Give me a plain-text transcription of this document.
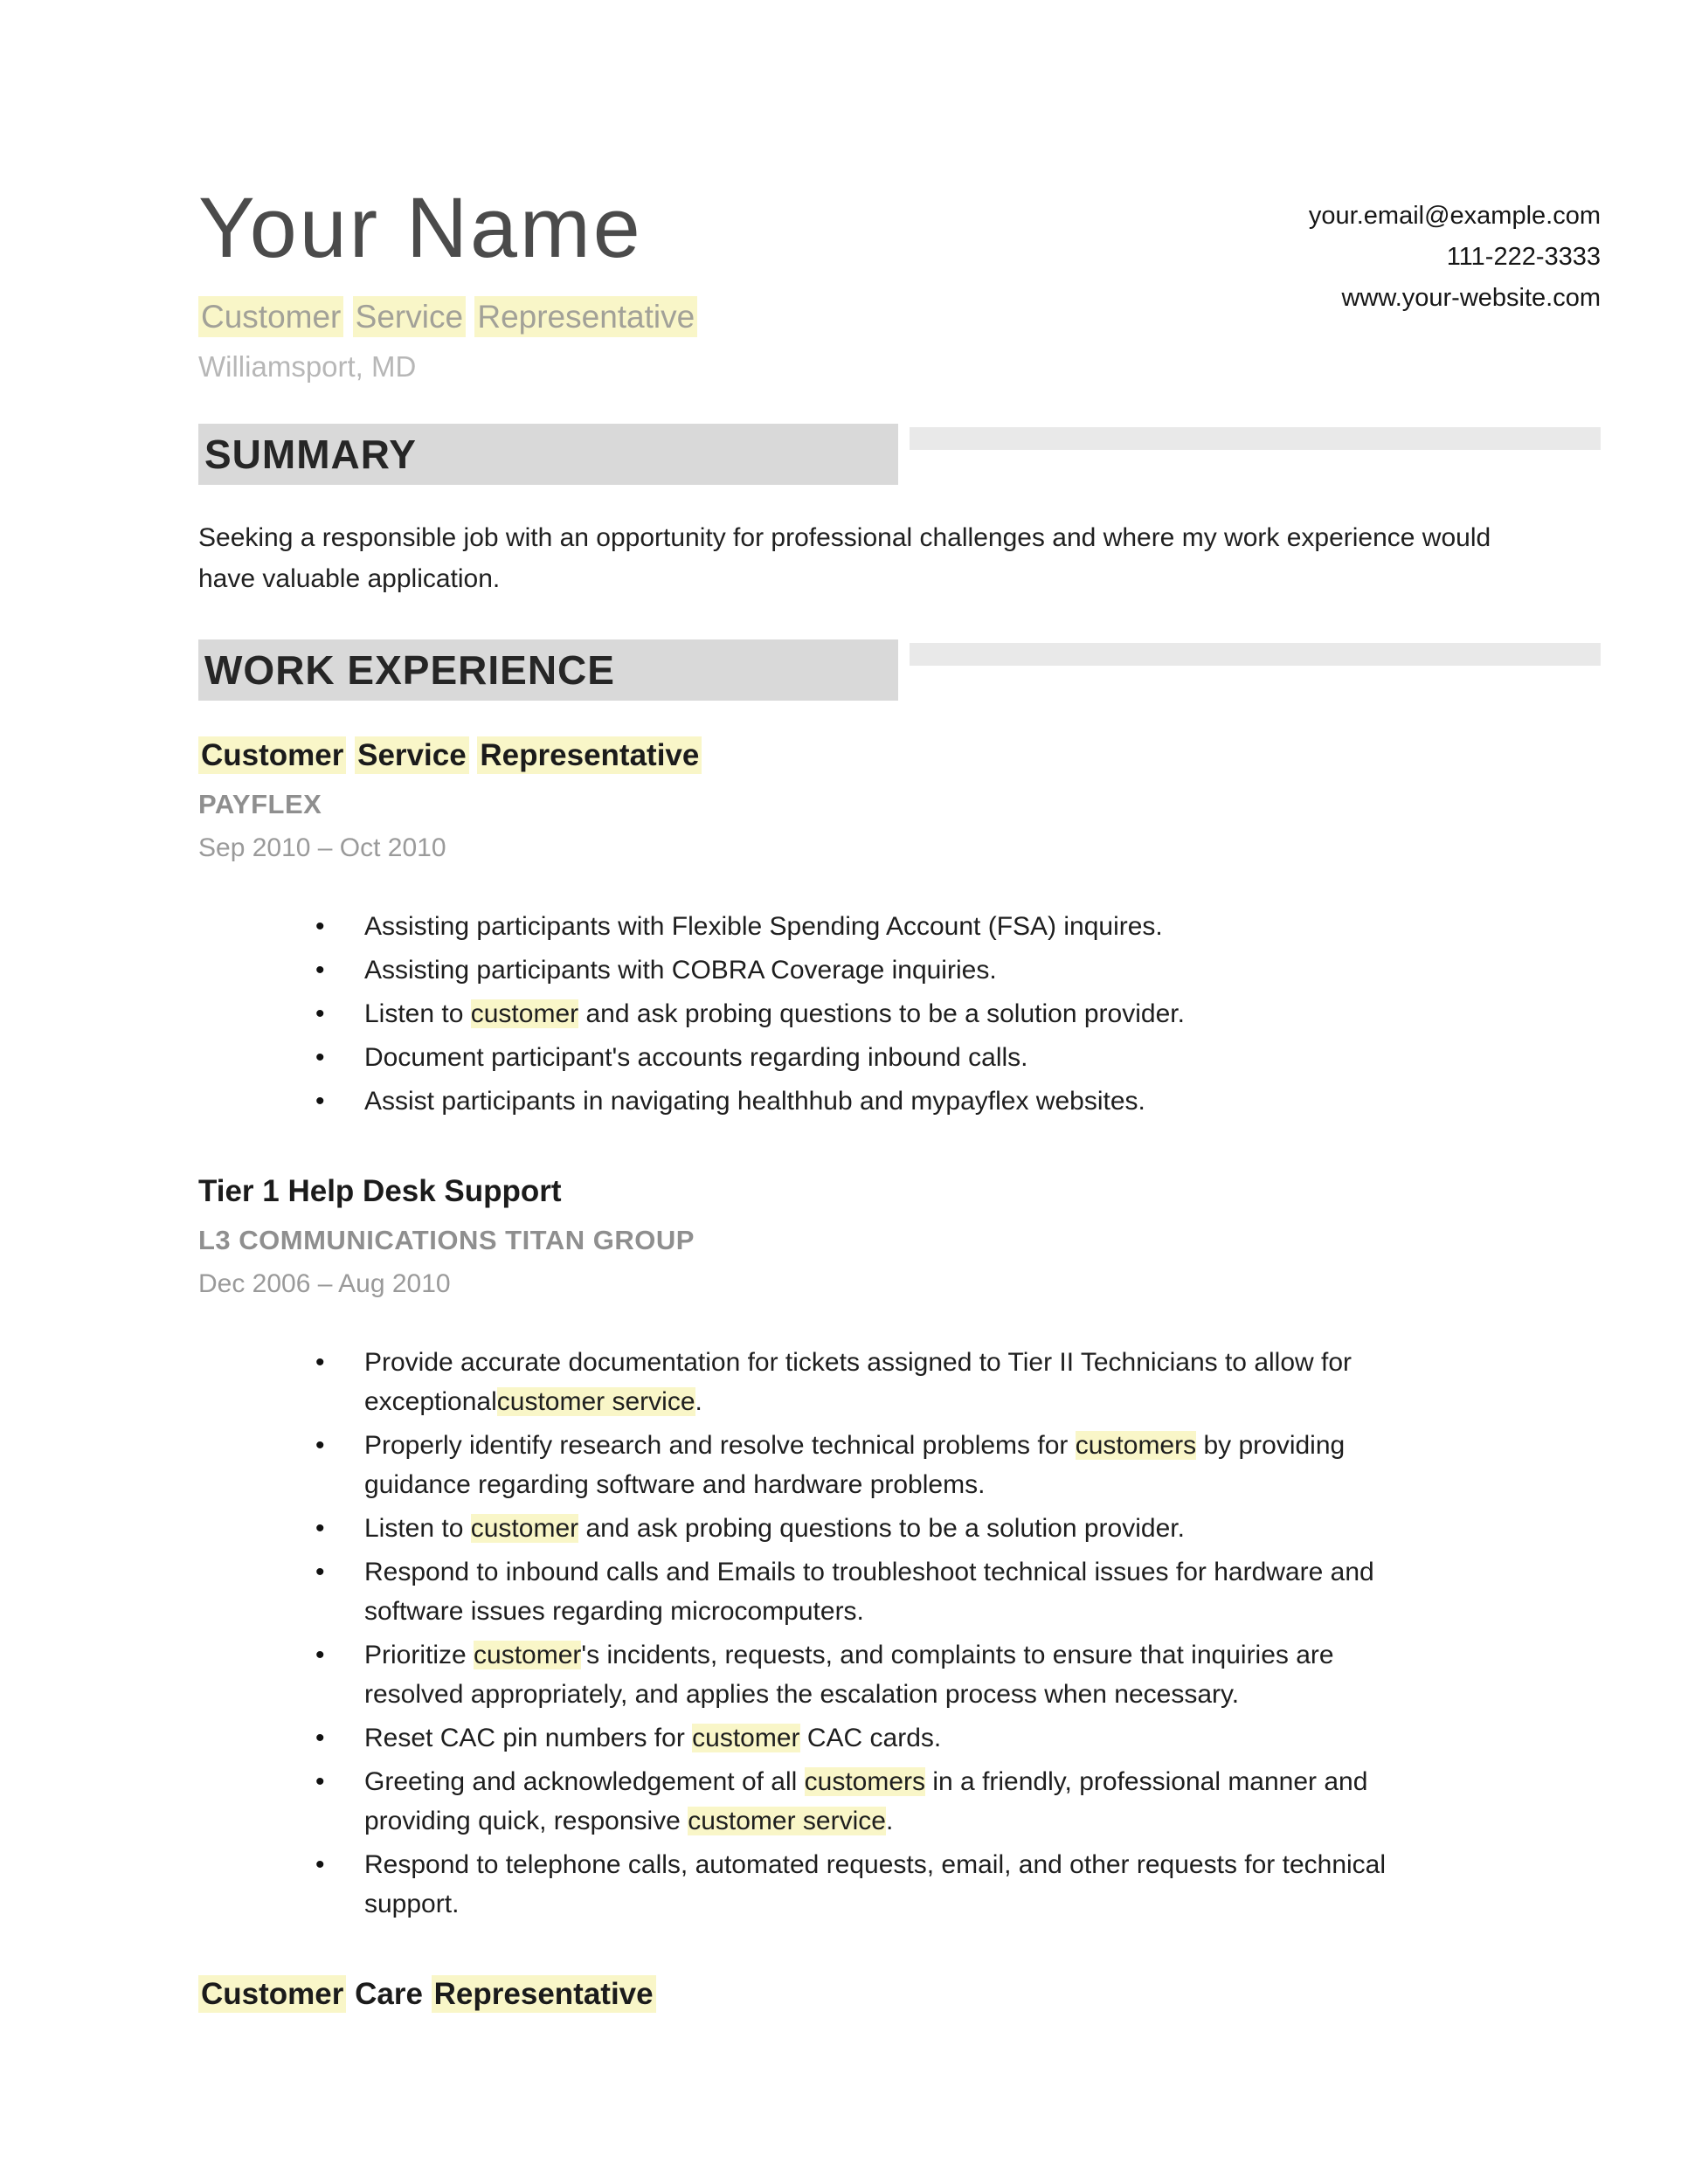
Your Name
Customer Service Representative
Williamsport, MD
your.email@example.com
111-222-3333
www.your-website.com
SUMMARY

Seeking a responsible job with an opportunity for professional challenges and where my work experience would have valuable application.

WORK EXPERIENCE
Customer Service Representative
PAYFLEX
Sep 2010 – Oct 2010
• Assisting participants with Flexible Spending Account (FSA) inquires.
• Assisting participants with COBRA Coverage inquiries.
• Listen to customer and ask probing questions to be a solution provider.
• Document participant's accounts regarding inbound calls.
• Assist participants in navigating healthhub and mypayflex websites.
Tier 1 Help Desk Support
L3 COMMUNICATIONS TITAN GROUP
Dec 2006 – Aug 2010
• Provide accurate documentation for tickets assigned to Tier II Technicians to allow for exceptionalcustomer service.
• Properly identify research and resolve technical problems for customers by providing guidance regarding software and hardware problems.
• Listen to customer and ask probing questions to be a solution provider.
• Respond to inbound calls and Emails to troubleshoot technical issues for hardware and software issues regarding microcomputers.
• Prioritize customer's incidents, requests, and complaints to ensure that inquiries are resolved appropriately, and applies the escalation process when necessary.
• Reset CAC pin numbers for customer CAC cards.
• Greeting and acknowledgement of all customers in a friendly, professional manner and providing quick, responsive customer service.
• Respond to telephone calls, automated requests, email, and other requests for technical support.
Customer Care Representative
